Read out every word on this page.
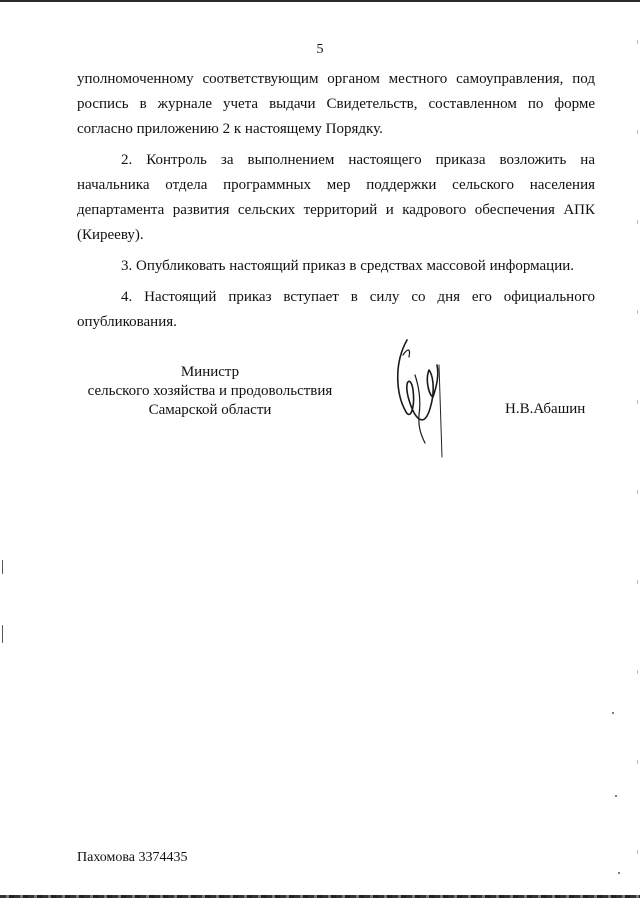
5

уполномоченному соответствующим органом местного самоуправления, под роспись в журнале учета выдачи Свидетельств, составленном по форме согласно приложению 2 к настоящему Порядку.

2. Контроль за выполнением настоящего приказа возложить на начальника отдела программных мер поддержки сельского населения департамента развития сельских территорий и кадрового обеспечения АПК (Кирееву).

3. Опубликовать настоящий приказ в средствах массовой информации.

4. Настоящий приказ вступает в силу со дня его официального опубликования.

Министр
сельского хозяйства и продовольствия
Самарской области	Н.В.Абашин
Пахомова 3374435
